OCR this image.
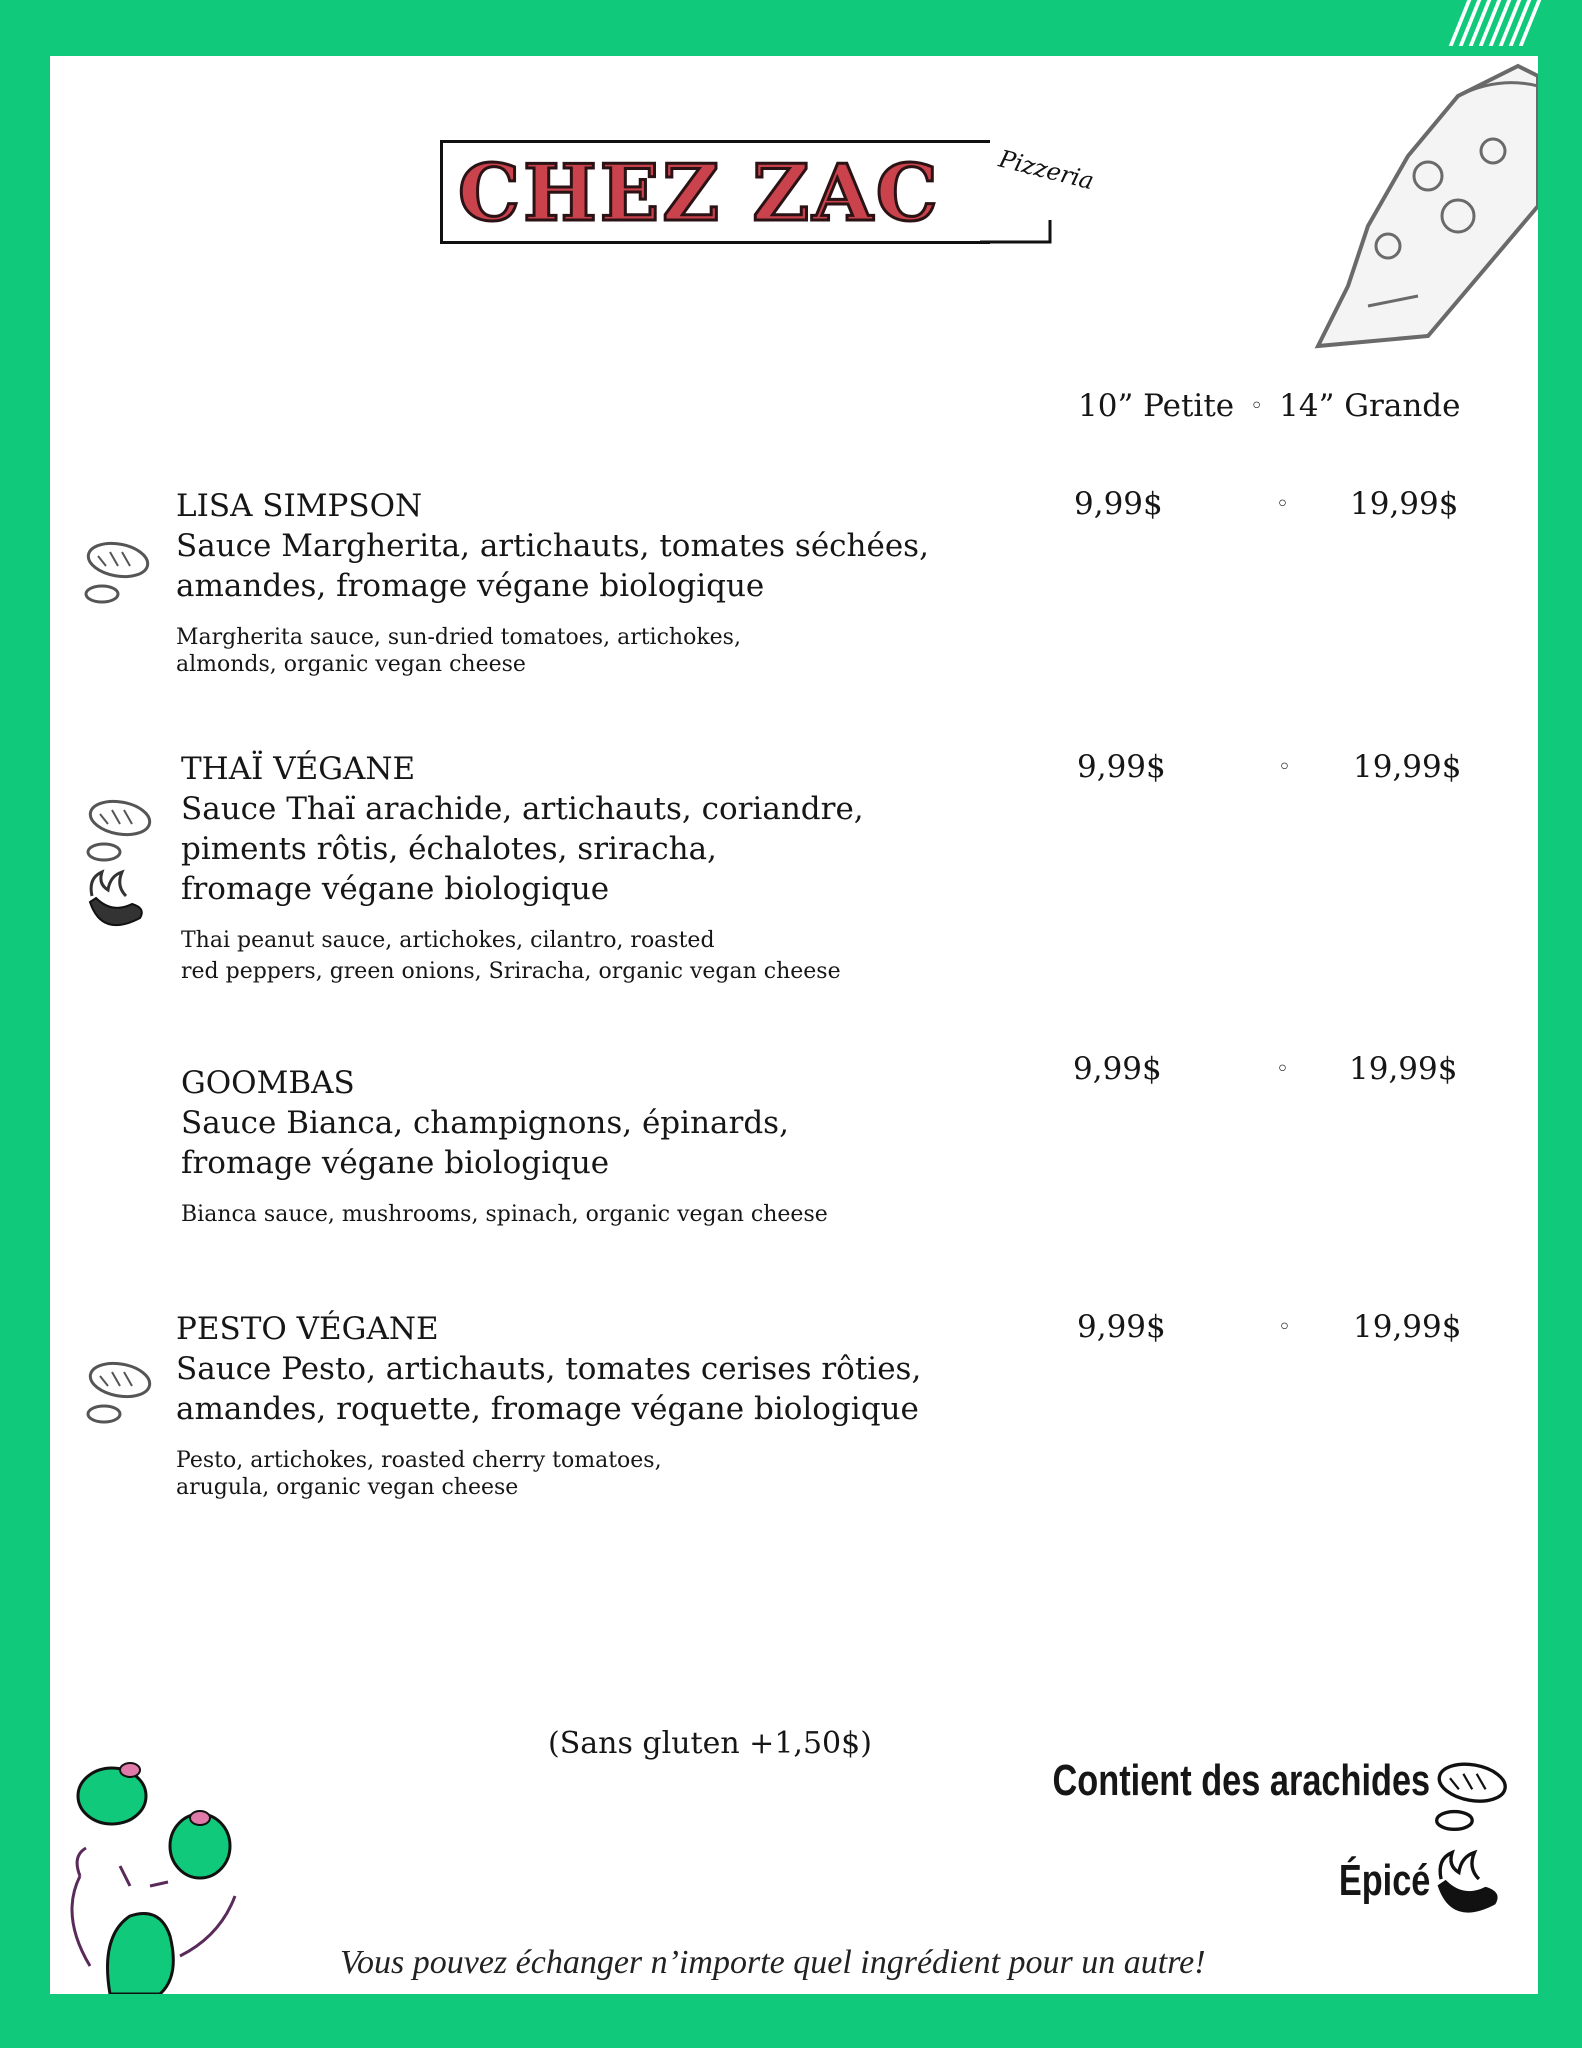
CHEZ ZAC Pizzeria
10” Petite ◦ 14” Grande
LISA SIMPSON
Sauce Margherita, artichauts, tomates séchées,
amandes, fromage végane biologique
Margherita sauce, sun-dried tomatoes, artichokes,
almonds, organic vegan cheese
9,99$	◦ 19,99$
THAÏ VÉGANE
Sauce Thaï arachide, artichauts, coriandre,
piments rôtis, échalotes, sriracha,
fromage végane biologique
Thai peanut sauce, artichokes, cilantro, roasted
red peppers, green onions, Sriracha, organic vegan cheese
9,99$	◦ 19,99$
GOOMBAS
Sauce Bianca, champignons, épinards,
fromage végane biologique
Bianca sauce, mushrooms, spinach, organic vegan cheese
9,99$	◦ 19,99$
PESTO VÉGANE
Sauce Pesto, artichauts, tomates cerises rôties,
amandes, roquette, fromage végane biologique
Pesto, artichokes, roasted cherry tomatoes,
arugula, organic vegan cheese
9,99$	◦ 19,99$
(Sans gluten +1,50$)
Contient des arachides
Épicé
Vous pouvez échanger n’importe quel ingrédient pour un autre!
